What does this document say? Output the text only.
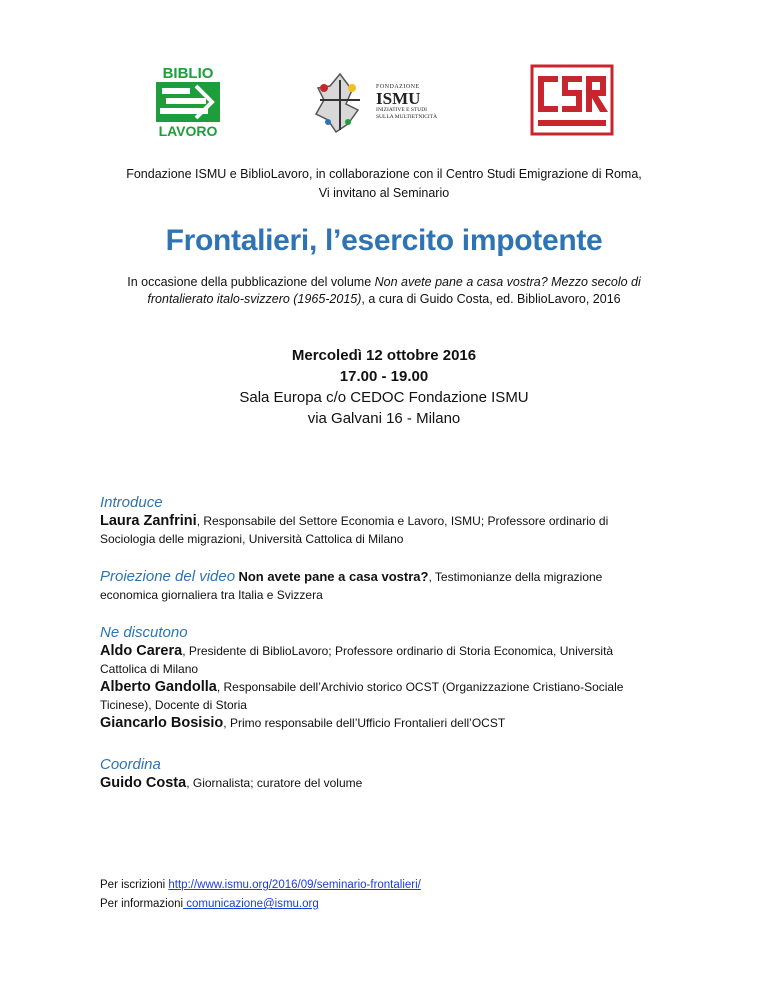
BIBLIO
LAVORO
FONDAZIONE
ISMU
INIZIATIVE E STUDI
SULLA MULTIETNICITÀ
Fondazione ISMU e BiblioLavoro, in collaborazione con il Centro Studi Emigrazione di Roma,
Vi invitano al Seminario
Frontalieri, l’esercito impotente
In occasione della pubblicazione del volume Non avete pane a casa vostra? Mezzo secolo di
frontalierato italo-svizzero (1965-2015), a cura di Guido Costa, ed. BiblioLavoro, 2016
Mercoledì 12 ottobre 2016
17.00 - 19.00
Sala Europa c/o CEDOC Fondazione ISMU
via Galvani 16 - Milano
Introduce
Laura Zanfrini, Responsabile del Settore Economia e Lavoro, ISMU; Professore ordinario di
Sociologia delle migrazioni, Università Cattolica di Milano
Proiezione del video Non avete pane a casa vostra?, Testimonianze della migrazione
economica giornaliera tra Italia e Svizzera
Ne discutono
Aldo Carera, Presidente di BiblioLavoro; Professore ordinario di Storia Economica, Università
Cattolica di Milano
Alberto Gandolla, Responsabile dell’Archivio storico OCST (Organizzazione Cristiano-Sociale
Ticinese), Docente di Storia
Giancarlo Bosisio, Primo responsabile dell’Ufficio Frontalieri dell’OCST
Coordina
Guido Costa, Giornalista; curatore del volume
Per iscrizioni http://www.ismu.org/2016/09/seminario-frontalieri/
Per informazioni comunicazione@ismu.org
